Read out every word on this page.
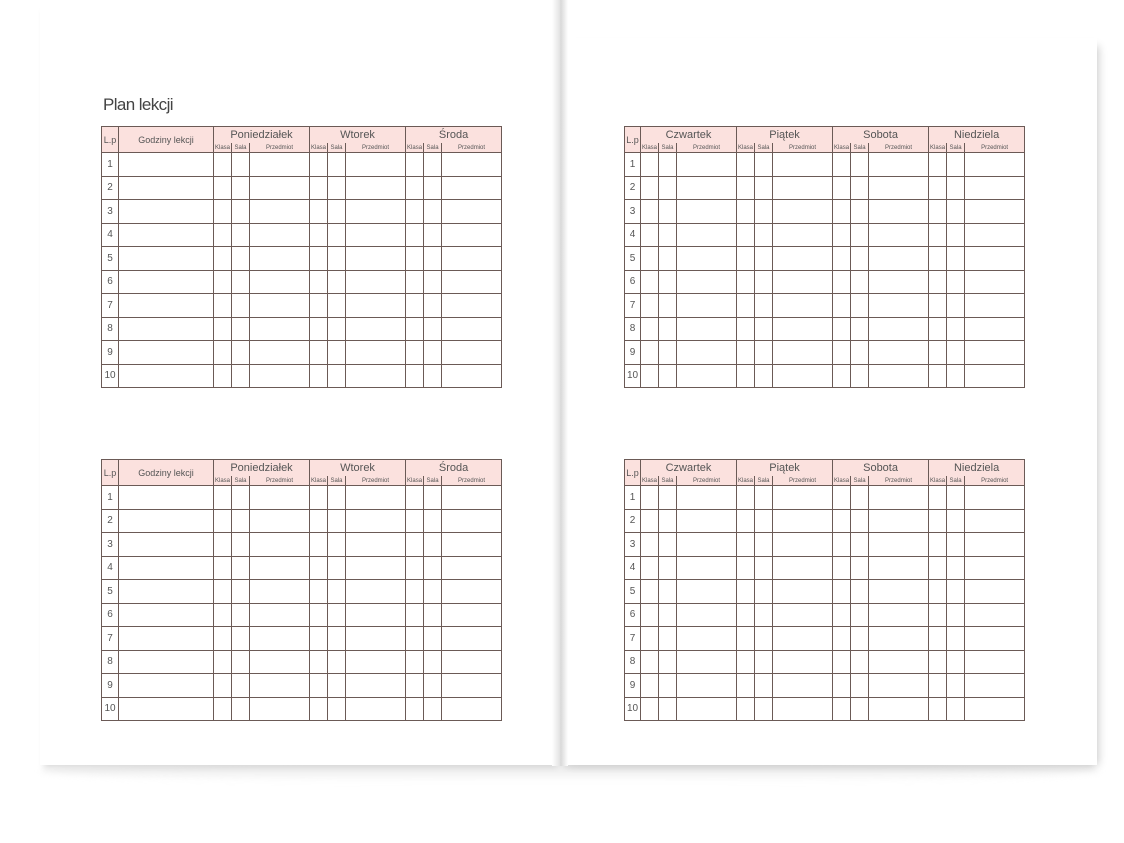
Plan lekcji
L.p	Godziny lekcji	Poniedziałek			Wtorek			Środa		
		Klasa	Sala	Przedmiot	Klasa	Sala	Przedmiot	Klasa	Sala	Przedmiot
1										
2										
3										
4										
5										
6										
7										
8										
9										
10										
L.p	Godziny lekcji	Poniedziałek			Wtorek			Środa		
		Klasa	Sala	Przedmiot	Klasa	Sala	Przedmiot	Klasa	Sala	Przedmiot
1										
2										
3										
4										
5										
6										
7										
8										
9										
10										
L.p	Czwartek			Piątek			Sobota			Niedziela		
	Klasa	Sala	Przedmiot	Klasa	Sala	Przedmiot	Klasa	Sala	Przedmiot	Klasa	Sala	Przedmiot
1												
2												
3												
4												
5												
6												
7												
8												
9												
10												
L.p	Czwartek			Piątek			Sobota			Niedziela		
	Klasa	Sala	Przedmiot	Klasa	Sala	Przedmiot	Klasa	Sala	Przedmiot	Klasa	Sala	Przedmiot
1												
2												
3												
4												
5												
6												
7												
8												
9												
10												
